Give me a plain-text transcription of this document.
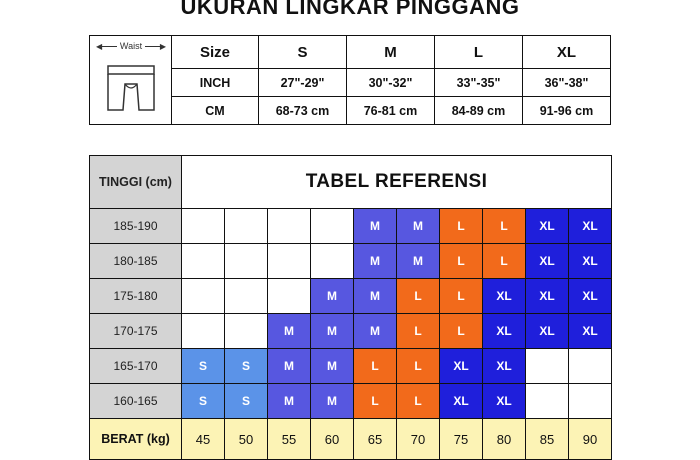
UKURAN LINGKAR PINGGANG
◀ Waist ▶	Size	S	M	L	XL
	INCH	27"-29"	30"-32"	33"-35"	36"-38"
	CM	68-73 cm	76-81 cm	84-89 cm	91-96 cm
TINGGI (cm)	TABEL REFERENSI									
185-190					M	M	L	L	XL	XL
180-185					M	M	L	L	XL	XL
175-180				M	M	L	L	XL	XL	XL
170-175			M	M	M	L	L	XL	XL	XL
165-170	S	S	M	M	L	L	XL	XL		
160-165	S	S	M	M	L	L	XL	XL		
BERAT (kg)	45	50	55	60	65	70	75	80	85	90
